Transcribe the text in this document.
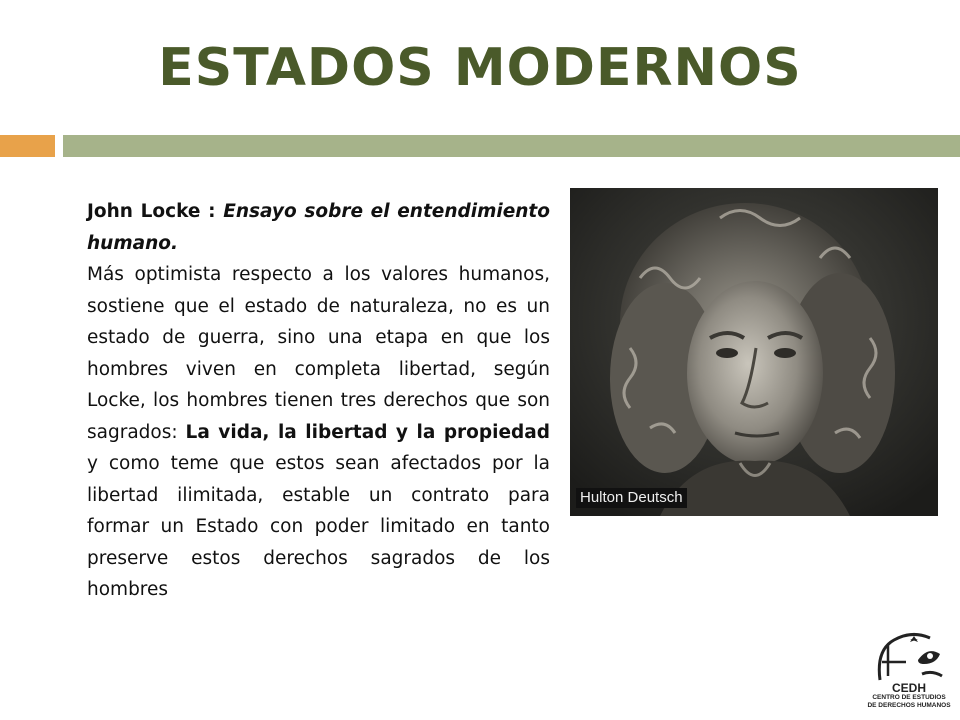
ESTADOS MODERNOS

John Locke : Ensayo sobre el entendimiento humano.

Más optimista respecto a los valores humanos, sostiene que el estado de naturaleza, no es un estado de guerra, sino una etapa en que los hombres viven en completa libertad, según Locke, los hombres tienen tres derechos que son sagrados: La vida, la libertad y la propiedad y como teme que estos sean afectados por la libertad ilimitada, estable un contrato para formar un Estado con poder limitado en tanto preserve estos derechos sagrados de los hombres

Hulton Deutsch
CEDH
CENTRO DE ESTUDIOS
DE DERECHOS HUMANOS
